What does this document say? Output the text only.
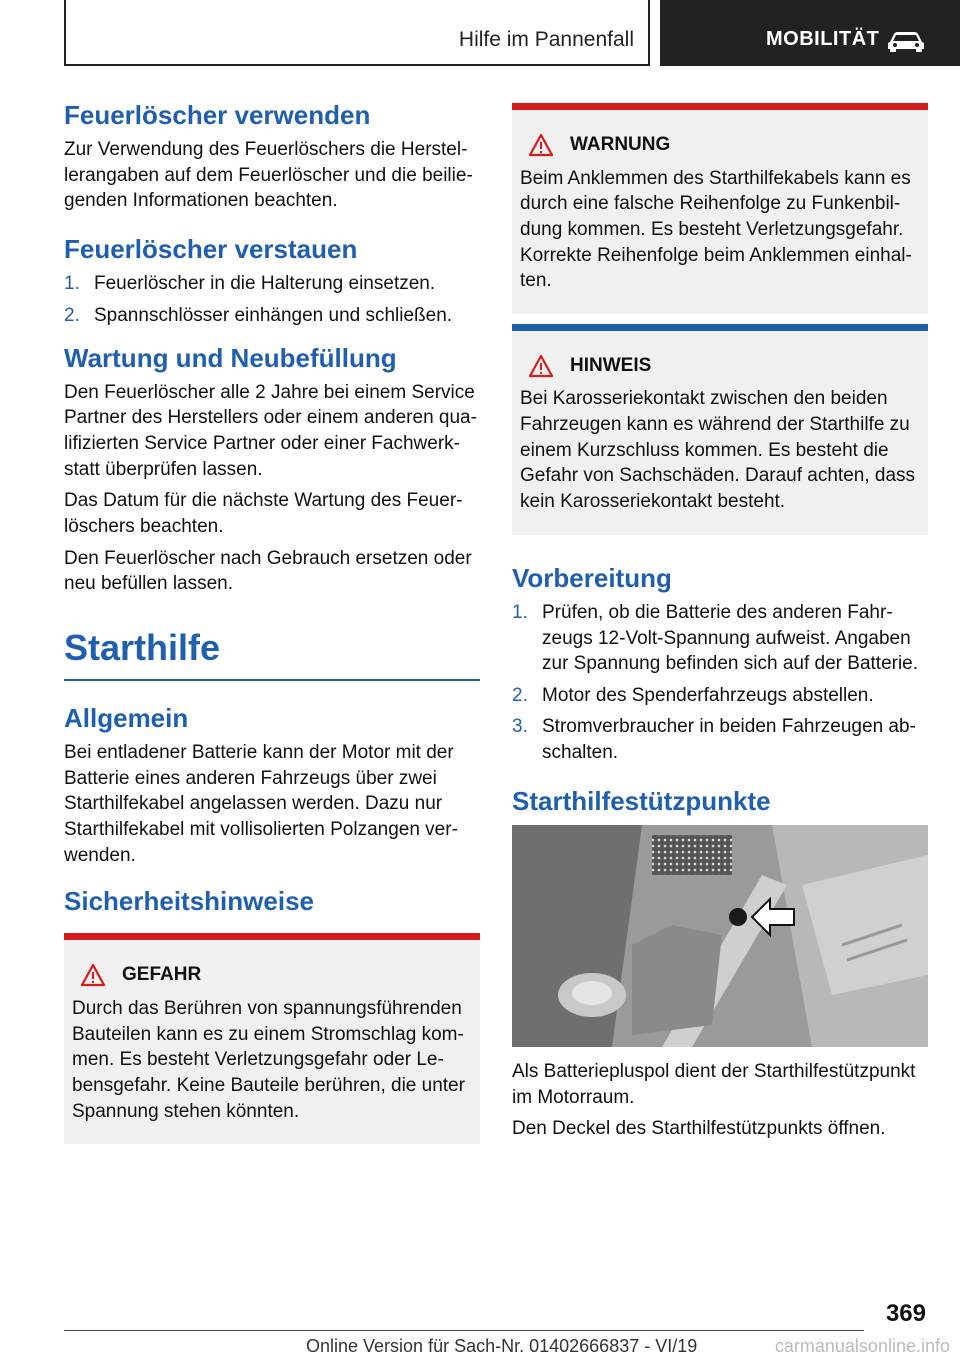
Hilfe im Pannenfall	MOBILITÄT
Feuerlöscher verwenden

Zur Verwendung des Feuerlöschers die Herstellerangaben auf dem Feuerlöscher und die beiliegenden Informationen beachten.

Feuerlöscher verstauen
1. Feuerlöscher in die Halterung einsetzen.
2. Spannschlösser einhängen und schließen.
Wartung und Neubefüllung

Den Feuerlöscher alle 2 Jahre bei einem Service Partner des Herstellers oder einem anderen qualifizierten Service Partner oder einer Fachwerkstatt überprüfen lassen.

Das Datum für die nächste Wartung des Feuerlöschers beachten.

Den Feuerlöscher nach Gebrauch ersetzen oder neu befüllen lassen.

Starthilfe
Allgemein

Bei entladener Batterie kann der Motor mit der Batterie eines anderen Fahrzeugs über zwei Starthilfekabel angelassen werden. Dazu nur Starthilfekabel mit vollisolierten Polzangen verwenden.

Sicherheitshinweise
GEFAHR
Durch das Berühren von spannungsführenden Bauteilen kann es zu einem Stromschlag kommen. Es besteht Verletzungsgefahr oder Lebensgefahr. Keine Bauteile berühren, die unter Spannung stehen könnten.
WARNUNG
Beim Anklemmen des Starthilfekabels kann es durch eine falsche Reihenfolge zu Funkenbildung kommen. Es besteht Verletzungsgefahr. Korrekte Reihenfolge beim Anklemmen einhalten.
HINWEIS
Bei Karosseriekontakt zwischen den beiden Fahrzeugen kann es während der Starthilfe zu einem Kurzschluss kommen. Es besteht die Gefahr von Sachschäden. Darauf achten, dass kein Karosseriekontakt besteht.
Vorbereitung
1. Prüfen, ob die Batterie des anderen Fahrzeugs 12-Volt-Spannung aufweist. Angaben zur Spannung befinden sich auf der Batterie.
2. Motor des Spenderfahrzeugs abstellen.
3. Stromverbraucher in beiden Fahrzeugen abschalten.
Starthilfestützpunkte

Als Batteriepluspol dient der Starthilfestützpunkt im Motorraum.

Den Deckel des Starthilfestützpunkts öffnen.

369
Online Version für Sach-Nr. 01402666837 - VI/19	carmanualsonline.info
